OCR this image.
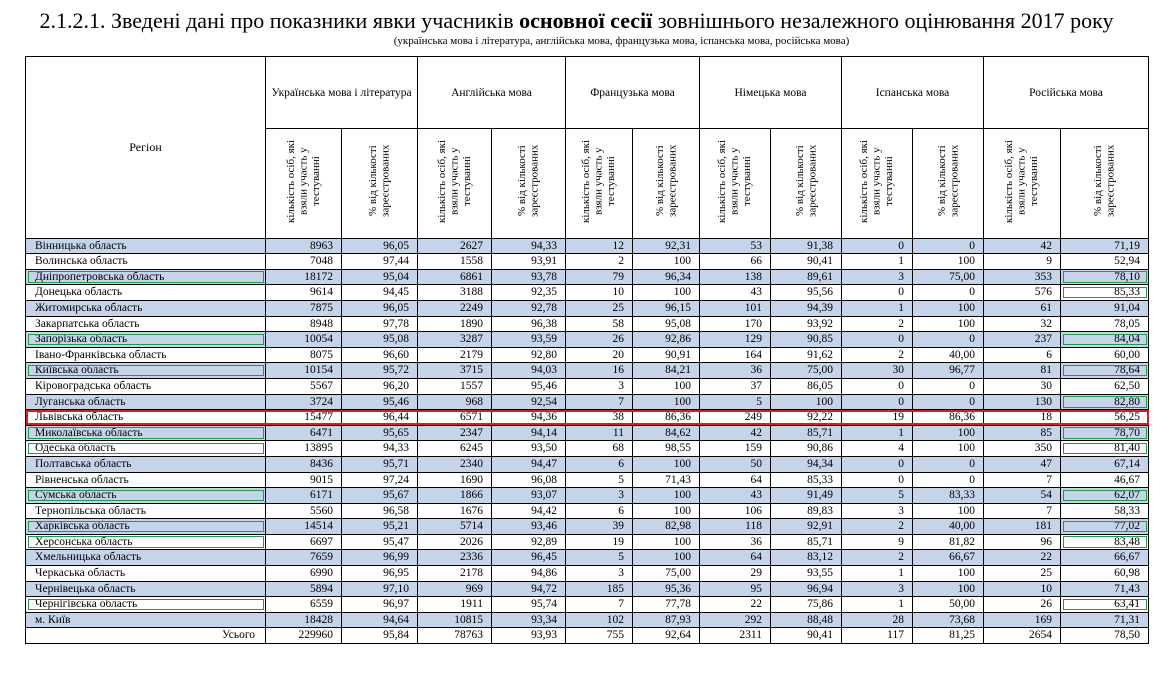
2.1.2.1. Зведені дані про показники явки учасників основної сесії зовнішнього незалежного оцінювання 2017 року
(українська мова і література, англійська мова, французька мова, іспанська мова, російська мова)
Регіон	Українська мова і література		Англійська мова		Французька мова		Німецька мова		Іспанська мова		Російська мова	
	кількість осіб, які взяли участь у тестуванні	% від кількості зареєстрованих	кількість осіб, які взяли участь у тестуванні	% від кількості зареєстрованих	кількість осіб, які взяли участь у тестуванні	% від кількості зареєстрованих	кількість осіб, які взяли участь у тестуванні	% від кількості зареєстрованих	кількість осіб, які взяли участь у тестуванні	% від кількості зареєстрованих	кількість осіб, які взяли участь у тестуванні	% від кількості зареєстрованих
Вінницька область	8963	96,05	2627	94,33	12	92,31	53	91,38	0	0	42	71,19
Волинська область	7048	97,44	1558	93,91	2	100	66	90,41	1	100	9	52,94
Дніпропетровська область	18172	95,04	6861	93,78	79	96,34	138	89,61	3	75,00	353	78,10
Донецька область	9614	94,45	3188	92,35	10	100	43	95,56	0	0	576	85,33
Житомирська область	7875	96,05	2249	92,78	25	96,15	101	94,39	1	100	61	91,04
Закарпатська область	8948	97,78	1890	96,38	58	95,08	170	93,92	2	100	32	78,05
Запорізька область	10054	95,08	3287	93,59	26	92,86	129	90,85	0	0	237	84,04
Івано-Франківська область	8075	96,60	2179	92,80	20	90,91	164	91,62	2	40,00	6	60,00
Київська область	10154	95,72	3715	94,03	16	84,21	36	75,00	30	96,77	81	78,64
Кіровоградська область	5567	96,20	1557	95,46	3	100	37	86,05	0	0	30	62,50
Луганська область	3724	95,46	968	92,54	7	100	5	100	0	0	130	82,80
Львівська область	15477	96,44	6571	94,36	38	86,36	249	92,22	19	86,36	18	56,25
Миколаївська область	6471	95,65	2347	94,14	11	84,62	42	85,71	1	100	85	78,70
Одеська область	13895	94,33	6245	93,50	68	98,55	159	90,86	4	100	350	81,40
Полтавська область	8436	95,71	2340	94,47	6	100	50	94,34	0	0	47	67,14
Рівненська область	9015	97,24	1690	96,08	5	71,43	64	85,33	0	0	7	46,67
Сумська область	6171	95,67	1866	93,07	3	100	43	91,49	5	83,33	54	62,07
Тернопільська область	5560	96,58	1676	94,42	6	100	106	89,83	3	100	7	58,33
Харківська область	14514	95,21	5714	93,46	39	82,98	118	92,91	2	40,00	181	77,02
Херсонська область	6697	95,47	2026	92,89	19	100	36	85,71	9	81,82	96	83,48
Хмельницька область	7659	96,99	2336	96,45	5	100	64	83,12	2	66,67	22	66,67
Черкаська область	6990	96,95	2178	94,86	3	75,00	29	93,55	1	100	25	60,98
Чернівецька область	5894	97,10	969	94,72	185	95,36	95	96,94	3	100	10	71,43
Чернігівська область	6559	96,97	1911	95,74	7	77,78	22	75,86	1	50,00	26	63,41
м. Київ	18428	94,64	10815	93,34	102	87,93	292	88,48	28	73,68	169	71,31
Усього	229960	95,84	78763	93,93	755	92,64	2311	90,41	117	81,25	2654	78,50
